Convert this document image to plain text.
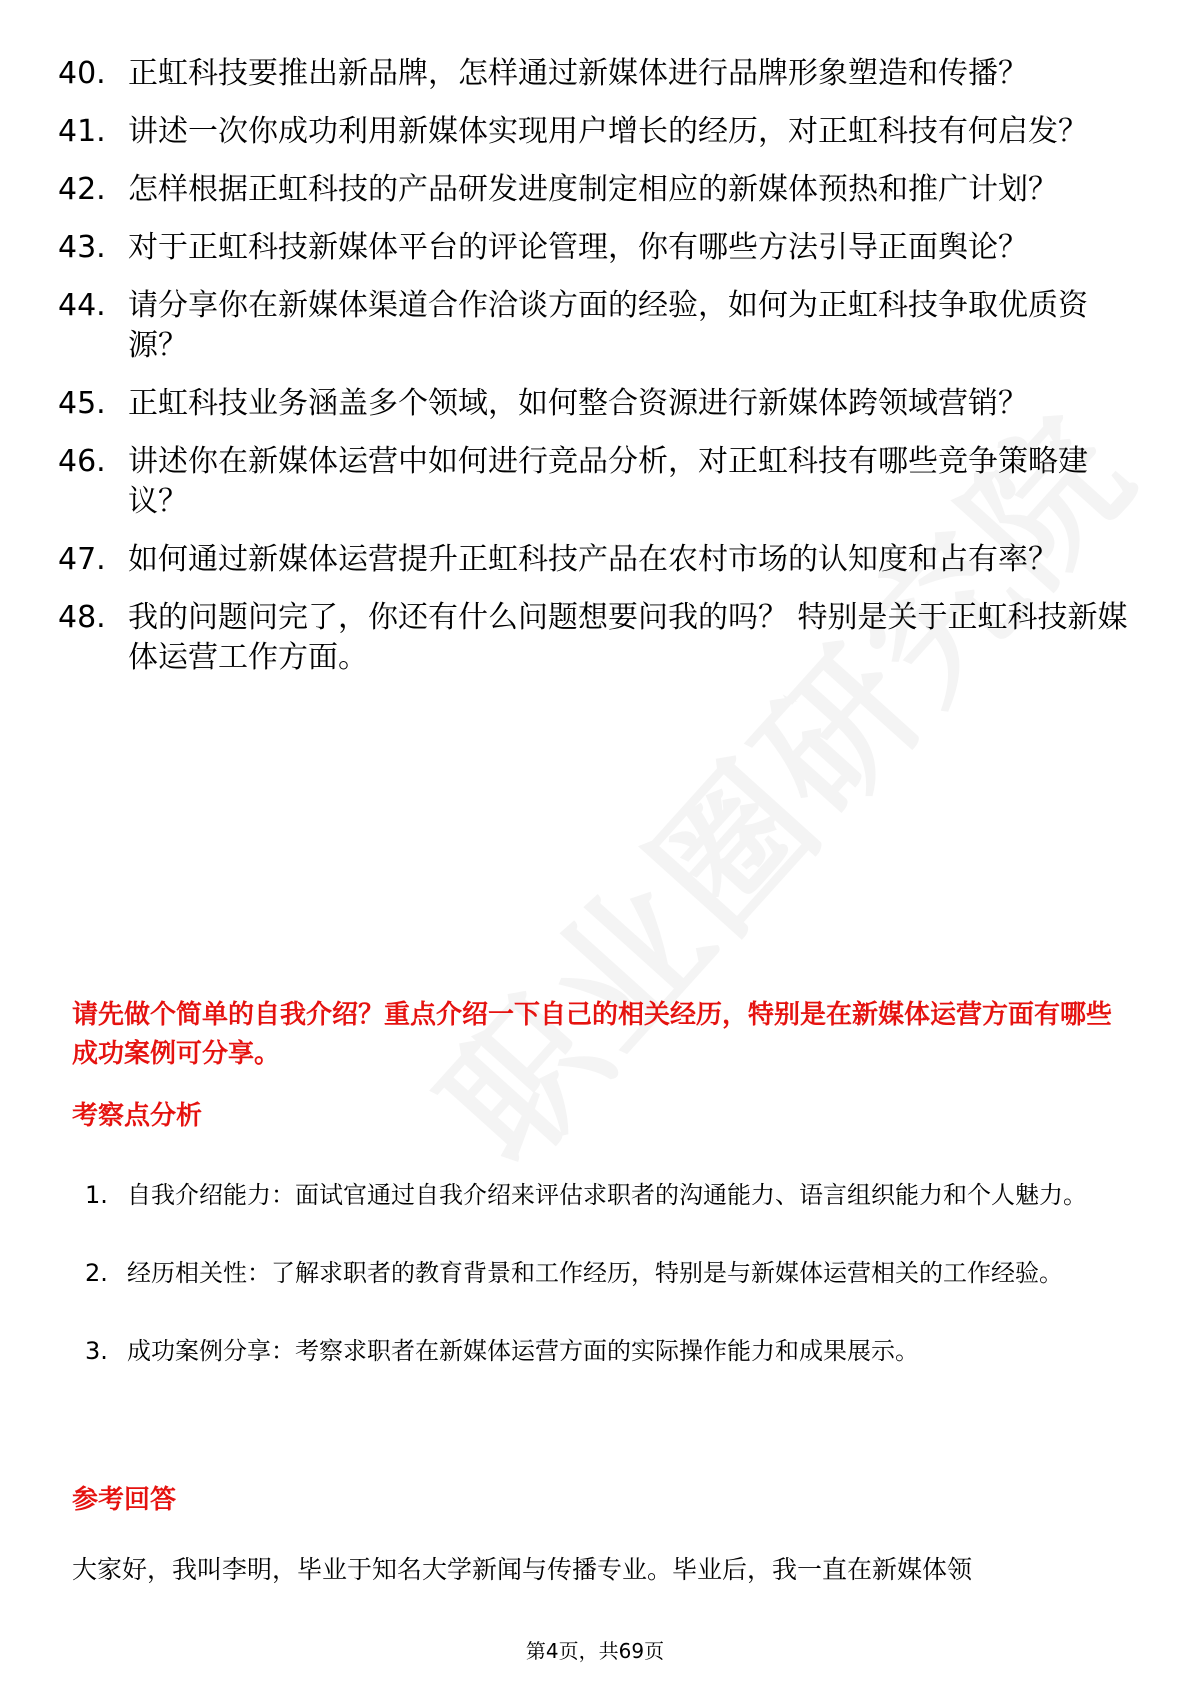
40. 正虹科技要推出新品牌，怎样通过新媒体进行品牌形象塑造和传播？
41. 讲述一次你成功利用新媒体实现用户增长的经历，对正虹科技有何启发？
42. 怎样根据正虹科技的产品研发进度制定相应的新媒体预热和推广计划？
43. 对于正虹科技新媒体平台的评论管理，你有哪些方法引导正面舆论？
44. 请分享你在新媒体渠道合作洽谈方面的经验，如何为正虹科技争取优质资源？
45. 正虹科技业务涵盖多个领域，如何整合资源进行新媒体跨领域营销？
46. 讲述你在新媒体运营中如何进行竞品分析，对正虹科技有哪些竞争策略建议？
47. 如何通过新媒体运营提升正虹科技产品在农村市场的认知度和占有率？
48. 我的问题问完了，你还有什么问题想要问我的吗？ 特别是关于正虹科技新媒体运营工作方面。
请先做个简单的自我介绍？重点介绍一下自己的相关经历，特别是在新媒体运营方面有哪些成功案例可分享。
考察点分析
1. 自我介绍能力：面试官通过自我介绍来评估求职者的沟通能力、语言组织能力和个人魅力。
2. 经历相关性：了解求职者的教育背景和工作经历，特别是与新媒体运营相关的工作经验。
3. 成功案例分享：考察求职者在新媒体运营方面的实际操作能力和成果展示。
参考回答
大家好，我叫李明，毕业于知名大学新闻与传播专业。毕业后，我一直在新媒体领
第4页，共69页
